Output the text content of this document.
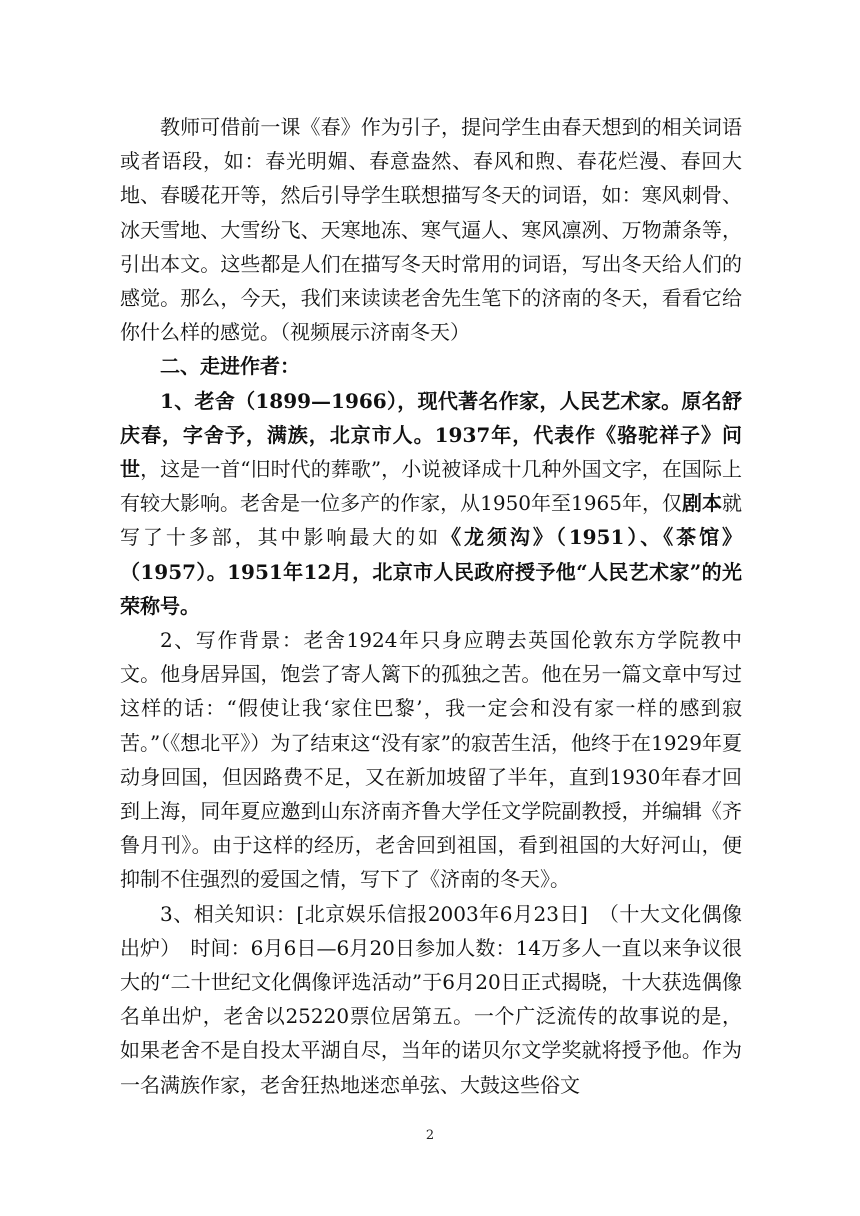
教师可借前一课《春》作为引子，提问学生由春天想到的相关词语或者语段，如：春光明媚、春意盎然、春风和煦、春花烂漫、春回大地、春暖花开等，然后引导学生联想描写冬天的词语，如：寒风刺骨、冰天雪地、大雪纷飞、天寒地冻、寒气逼人、寒风凛冽、万物萧条等，引出本文。这些都是人们在描写冬天时常用的词语，写出冬天给人们的感觉。那么，今天，我们来读读老舍先生笔下的济南的冬天，看看它给你什么样的感觉。（视频展示济南冬天）

二、走进作者：

1、老舍（1899—1966），现代著名作家，人民艺术家。原名舒庆春，字舍予，满族，北京市人。1937年，代表作《骆驼祥子》问世，这是一首“旧时代的葬歌”，小说被译成十几种外国文字，在国际上有较大影响。老舍是一位多产的作家，从1950年至1965年，仅剧本就写了十多部，其中影响最大的如《龙须沟》（1951）、《茶馆》（1957）。1951年12月，北京市人民政府授予他“人民艺术家”的光荣称号。

2、写作背景：老舍1924年只身应聘去英国伦敦东方学院教中文。他身居异国，饱尝了寄人篱下的孤独之苦。他在另一篇文章中写过这样的话：“假使让我‘家住巴黎’，我一定会和没有家一样的感到寂苦。”（《想北平》）为了结束这“没有家”的寂苦生活，他终于在1929年夏动身回国，但因路费不足，又在新加坡留了半年，直到1930年春才回到上海，同年夏应邀到山东济南齐鲁大学任文学院副教授，并编辑《齐鲁月刊》。由于这样的经历，老舍回到祖国，看到祖国的大好河山，便抑制不住强烈的爱国之情，写下了《济南的冬天》。

3、相关知识：[北京娱乐信报2003年6月23日]　（十大文化偶像出炉）　时间：6月6日—6月20日参加人数：14万多人一直以来争议很大的“二十世纪文化偶像评选活动”于6月20日正式揭晓，十大获选偶像名单出炉，老舍以25220票位居第五。一个广泛流传的故事说的是，如果老舍不是自投太平湖自尽，当年的诺贝尔文学奖就将授予他。作为一名满族作家，老舍狂热地迷恋单弦、大鼓这些俗文

2
